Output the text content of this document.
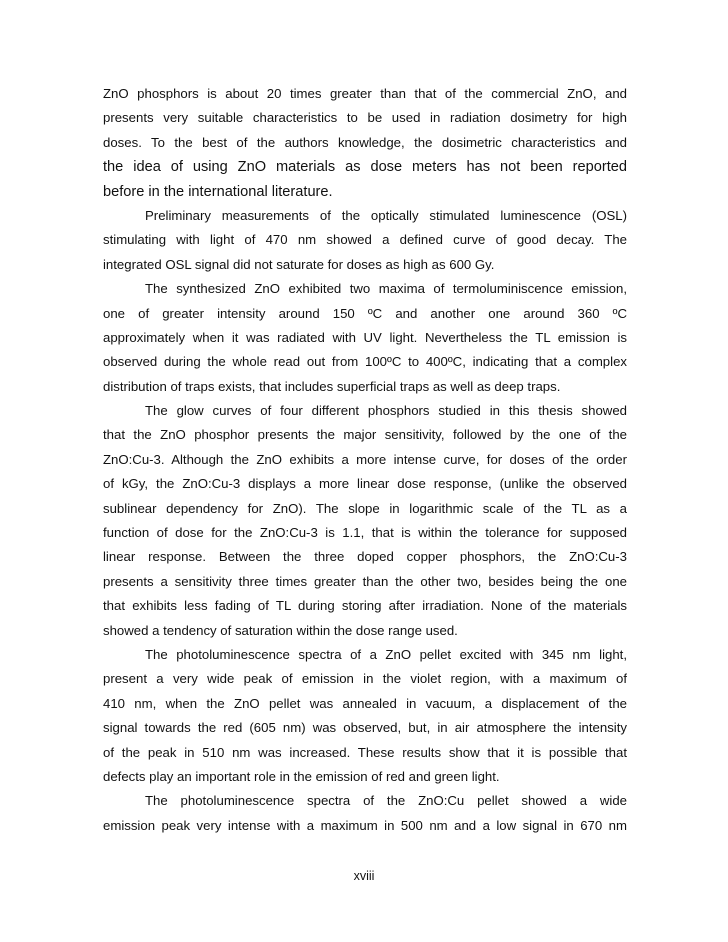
ZnO phosphors is about 20 times greater than that of the commercial ZnO, and
presents very suitable characteristics to be used in radiation dosimetry for high
doses. To the best of the authors knowledge, the dosimetric characteristics and
the idea of using ZnO materials as dose meters has not been reported
before in the international literature.
Preliminary measurements of the optically stimulated luminescence (OSL)
stimulating with light of 470 nm showed a defined curve of good decay. The
integrated OSL signal did not saturate for doses as high as 600 Gy.
The synthesized ZnO exhibited two maxima of termoluminiscence emission,
one of greater intensity around 150 ºC and another one around 360 ºC
approximately when it was radiated with UV light. Nevertheless the TL emission is
observed during the whole read out from 100ºC to 400ºC, indicating that a complex
distribution of traps exists, that includes superficial traps as well as deep traps.
The glow curves of four different phosphors studied in this thesis showed
that the ZnO phosphor presents the major sensitivity, followed by the one of the
ZnO:Cu-3. Although the ZnO exhibits a more intense curve, for doses of the order
of kGy, the ZnO:Cu-3 displays a more linear dose response, (unlike the observed
sublinear dependency for ZnO). The slope in logarithmic scale of the TL as a
function of dose for the ZnO:Cu-3 is 1.1, that is within the tolerance for supposed
linear response. Between the three doped copper phosphors, the ZnO:Cu-3
presents a sensitivity three times greater than the other two, besides being the one
that exhibits less fading of TL during storing after irradiation. None of the materials
showed a tendency of saturation within the dose range used.
The photoluminescence spectra of a ZnO pellet excited with 345 nm light,
present a very wide peak of emission in the violet region, with a maximum of
410 nm, when the ZnO pellet was annealed in vacuum, a displacement of the
signal towards the red (605 nm) was observed, but, in air atmosphere the intensity
of the peak in 510 nm was increased. These results show that it is possible that
defects play an important role in the emission of red and green light.
The photoluminescence spectra of the ZnO:Cu pellet showed a wide
emission peak very intense with a maximum in 500 nm and a low signal in 670 nm
xviii
